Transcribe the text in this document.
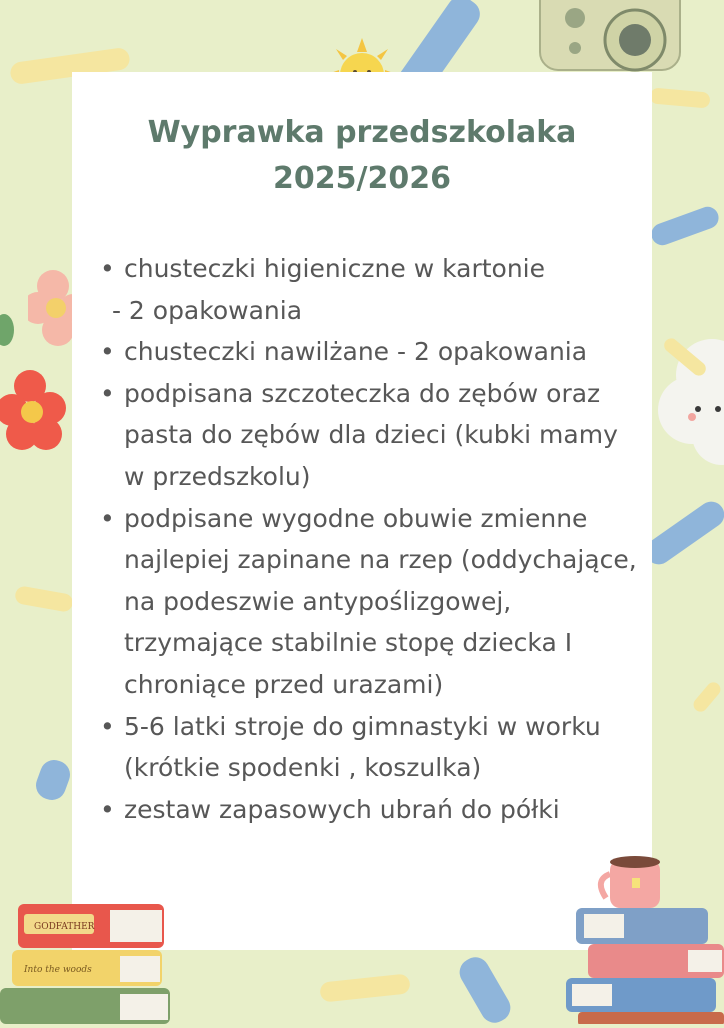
Wyprawka przedszkolaka
2025/2026
• chusteczki higieniczne w kartonie
- 2 opakowania
• chusteczki nawilżane - 2 opakowania
• podpisana szczoteczka do zębów oraz pasta do zębów dla dzieci (kubki mamy w przedszkolu)
• podpisane wygodne obuwie zmienne najlepiej zapinane na rzep (oddychające, na podeszwie antypoślizgowej, trzymające stabilnie stopę dziecka I chroniące przed urazami)
• 5-6 latki stroje do gimnastyki w worku (krótkie spodenki , koszulka)
• zestaw zapasowych ubrań do półki
GODFATHER
Into the woods
